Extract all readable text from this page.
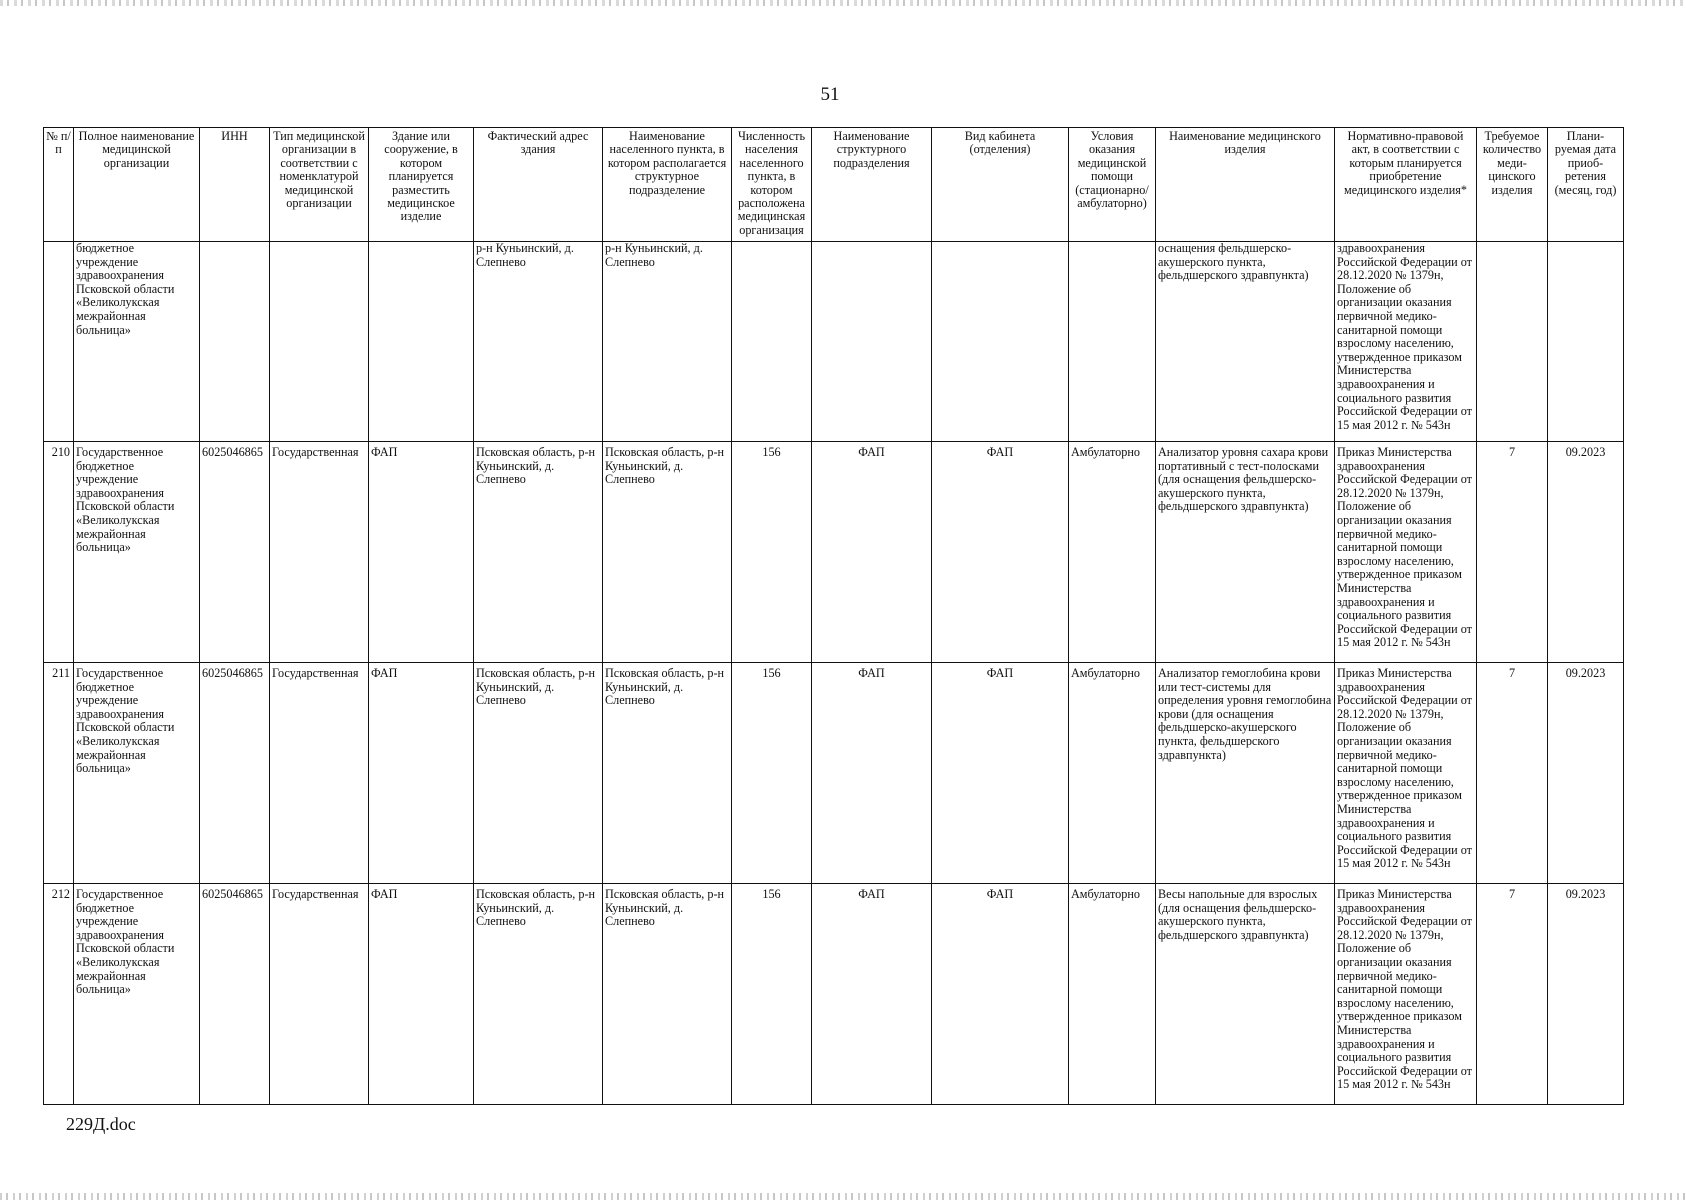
51
№ п/п	Полное наименование медицинской организации	ИНН	Тип медицинской организации в соответствии с номенклатурой медицинской организации	Здание или сооружение, в котором планируется разместить медицинское изделие	Фактический адрес здания	Наименование населенного пункта, в котором располагается структурное подразделение	Численность населения населенного пункта, в котором расположена медицинская организация	Наименование структурного подразделения	Вид кабинета (отделения)	Условия оказания медицинской помощи (стационарно/ амбулаторно)	Наименование медицинского изделия	Нормативно-правовой акт, в соответствии с которым планируется приобретение медицинского изделия*	Требуемое количество меди-цинского изделия	Плани-руемая дата приоб-ретения (месяц, год)
	бюджетное учреждение здравоохранения Псковской области «Великолукская межрайонная больница»				р-н Куньинский, д. Слепнево	р-н Куньинский, д. Слепнево					оснащения фельдшерско-акушерского пункта, фельдшерского здравпункта)	здравоохранения Российской Федерации от 28.12.2020 № 1379н, Положение об организации оказания первичной медико-санитарной помощи взрослому населению, утвержденное приказом Министерства здравоохранения и социального развития Российской Федерации от 15 мая 2012 г. № 543н		
210	Государственное бюджетное учреждение здравоохранения Псковской области «Великолукская межрайонная больница»	6025046865	Государственная	ФАП	Псковская область, р-н Куньинский, д. Слепнево	Псковская область, р-н Куньинский, д. Слепнево	156	ФАП	ФАП	Амбулаторно	Анализатор уровня сахара крови портативный с тест-полосками (для оснащения фельдшерско-акушерского пункта, фельдшерского здравпункта)	Приказ Министерства здравоохранения Российской Федерации от 28.12.2020 № 1379н, Положение об организации оказания первичной медико-санитарной помощи взрослому населению, утвержденное приказом Министерства здравоохранения и социального развития Российской Федерации от 15 мая 2012 г. № 543н	7	09.2023
211	Государственное бюджетное учреждение здравоохранения Псковской области «Великолукская межрайонная больница»	6025046865	Государственная	ФАП	Псковская область, р-н Куньинский, д. Слепнево	Псковская область, р-н Куньинский, д. Слепнево	156	ФАП	ФАП	Амбулаторно	Анализатор гемоглобина крови или тест-системы для определения уровня гемоглобина крови (для оснащения фельдшерско-акушерского пункта, фельдшерского здравпункта)	Приказ Министерства здравоохранения Российской Федерации от 28.12.2020 № 1379н, Положение об организации оказания первичной медико-санитарной помощи взрослому населению, утвержденное приказом Министерства здравоохранения и социального развития Российской Федерации от 15 мая 2012 г. № 543н	7	09.2023
212	Государственное бюджетное учреждение здравоохранения Псковской области «Великолукская межрайонная больница»	6025046865	Государственная	ФАП	Псковская область, р-н Куньинский, д. Слепнево	Псковская область, р-н Куньинский, д. Слепнево	156	ФАП	ФАП	Амбулаторно	Весы напольные для взрослых (для оснащения фельдшерско-акушерского пункта, фельдшерского здравпункта)	Приказ Министерства здравоохранения Российской Федерации от 28.12.2020 № 1379н, Положение об организации оказания первичной медико-санитарной помощи взрослому населению, утвержденное приказом Министерства здравоохранения и социального развития Российской Федерации от 15 мая 2012 г. № 543н	7	09.2023
229Д.doc
